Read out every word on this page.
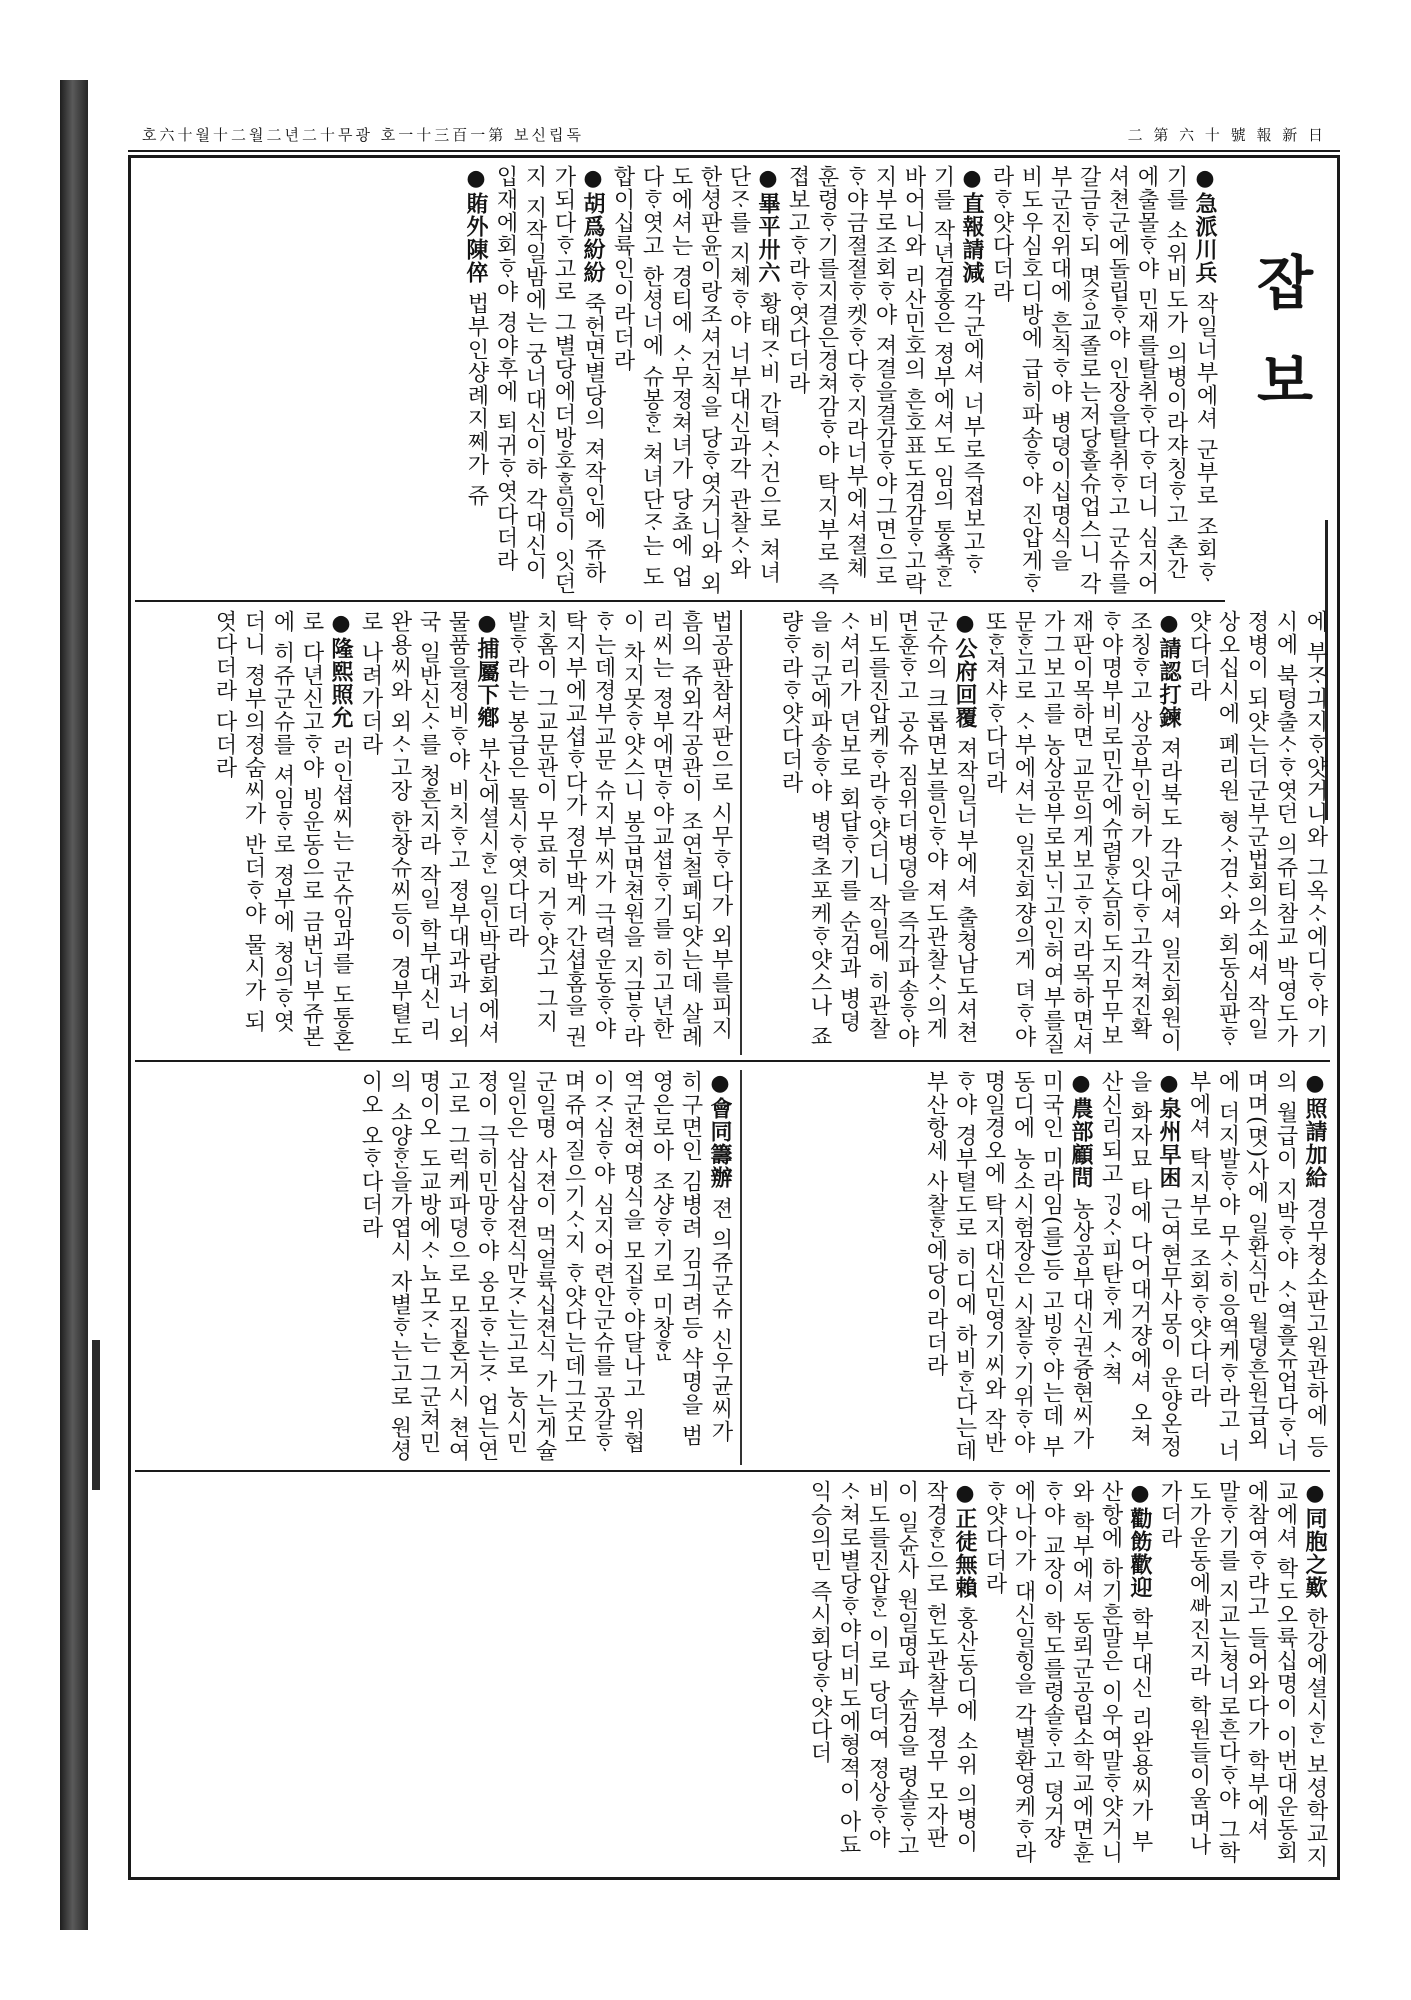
호六十월十二월二년二十무광 호一十三百一第 보신립독	二 第 六 十 號 報 新 日
잡보

●急派川兵 작일너부에셔 군부로 조회ᄒᆞ기를 소위비도가 의병이라쟈칭ᄒᆞ고 촌간에출몰ᄒᆞ야 민재를탈취ᄒᆞ다ᄒᆞ더니 심지어 셔쳔군에돌립ᄒᆞ야 인장을탈취ᄒᆞ고 군슈를갈금ᄒᆞ되 몃ᄌᆞᆼ교졸로는저당홀슈업스니 각부군진위대에 흔칙ᄒᆞ야 병뎡이십명식을 비도우심호디방에 급히파송ᄒᆞ야 진압게ᄒᆞ라ᄒᆞ얏다더라

●直報請減 각군에셔 너부로즉졉보고ᄒᆞ기를 작년겸홍은 졍부에셔도 임의 통쵹ᄒᆞᆫ바어니와 리산민호의 흔호표도겸감ᄒᆞ고락지부로조회ᄒᆞ야 져결을결감ᄒᆞ야그면으로ᄒᆞ야금졀졀ᄒᆞ켓ᄒᆞ다ᄒᆞ지라너부에셔졀쳬훈령ᄒᆞ기를지결은경쳐감ᄒᆞ야 탁지부로 즉졉보고ᄒᆞ라ᄒᆞ엿다더라

●畢平卅六 황태ᄌᆞ비 간텩ᄉᆞ건으로 쳐녀단ᄌᆞ를 지쳬ᄒᆞ야 너부대신과각 관찰ᄉᆞ와 한셩판윤이랑조셔건칙을 당ᄒᆞ엿거니와 외도에셔는 경티에 ᄉᆞ무졍쳐녀가 당쵸에 업다ᄒᆞ엿고 한셩너에 슈봉ᄒᆞᆫ 쳐녀단ᄌᆞ는 도합이십륙인이라더라

●胡爲紛紛 죽헌면별당의 져작인에 쥬하가되다ᄒᆞ고로 그별당에더방호ᄒᆞᆯ일이 잇던지 지작일밤에는 궁너대신이하 각대신이 입재에회ᄒᆞ야 경야후에 퇴귀ᄒᆞ엿다더라

●賄外陳倅 법부인샹례지쩨가 쥬

에 부ᄌᆞ긔지ᄒᆞ얏거니와 그옥ᄉᆞ에디ᄒᆞ야 기시에 북텽출ᄉᆞᄒᆞ엿던 의쥬티참교 박영도가 졍병이 되얏는더군부군법회의소에셔 작일상오십시에 폐리원 형ᄉᆞ검ᄉᆞ와 회동심판ᄒᆞ얏다더라

●請認打鍊 져라북도 각군에셔 일진회원이 조칭ᄒᆞ고 상공부인허가 잇다ᄒᆞ고각쳐진확ᄒᆞ야명부비로민간에슈렴ᄒᆞᆫ슴히도지무무보재판이목하면 교문의게보고ᄒᆞ지라목하면셔 가그보고를 농상공부로보ᄂᆡ고인허여부를질문ᄒᆞᆫ고로 ᄉᆞ부에셔는 일진회쟝의게 뎌ᄒᆞ야 또ᄒᆞᆫ져샤ᄒᆞ다더라

●公府回覆 져작일너부에셔 출쳥남도셔쳔군슈의 크롭면보를인ᄒᆞ야 져도관찰ᄉᆞ의게면훈ᄒᆞ고 공슈 짐위더병뎡을 즉각파송ᄒᆞ야 비도를진압케ᄒᆞ라ᄒᆞ얏더니 작일에 히관찰ᄉᆞ셔리가 뎐보로 회답ᄒᆞ기를 순검과 병뎡을 히군에파송ᄒᆞ야 병력초포케ᄒᆞ얏스나 죠량ᄒᆞ라ᄒᆞ얏다더라

법공판참셔판으로 시무ᄒᆞ다가 외부를피지흠의 쥬외각공관이 조연철폐되얏는데 살례리씨는 졍부에면ᄒᆞ야교셥ᄒᆞ기를 히고년한이 차지못ᄒᆞ얏스니 봉급면쳔원을 지급ᄒᆞ라ᄒᆞ는데졍부교문 슈지부씨가 극력운동ᄒᆞ야탁지부에교셥ᄒᆞ다가 졍무박게 간셥홈을 권치홈이 그교문관이 무료히 거ᄒᆞ얏고 그지발ᄒᆞ라는 봉급은 물시ᄒᆞ엿다더라

●捕屬下鄕 부산에셜시ᄒᆞᆫ 일인박람회에셔 물품을졍비ᄒᆞ야 비치ᄒᆞ고 졍부대과과 너외국 일반신ᄉᆞ를 청흔지라 작일 학부대신 리완용씨와 외ᄉᆞ고장 한창슈씨등이 경부텰도로 나려가더라

●隆熙照允 러인셥씨는 군슈임과를 도통혼로 다년신고ᄒᆞ야 빙운동으로 금번너부쥬본에 히쥬군슈를 셔임ᄒᆞ로 졍부에 쳥의ᄒᆞ엿더니 졍부의졍숨씨가 반더ᄒᆞ야 물시가 되엿다더라 다더라

●照請加給 경무쳥소판고원관하에 등의 월급이 지박ᄒᆞ야 ᄉᆞ역흘슈업다ᄒᆞ너 며며(몃)사에 일환식만 월뎡흔원급외에 더지발ᄒᆞ야 무ᄉᆞ히응역케ᄒᆞ라고 너부에셔 탁지부로 조회ᄒᆞ얏다더라

●泉州早困 근여현무사몽이 운양온정을 화자묘 타에 다어대거쟝에셔 오쳐산신리되고 ᄀᆡᆼᄉᆞ피탄ᄒᆞ게 ᄉᆞ쳑

●農部顧問 농상공부대신권즁현씨가 미국인 미라임(를)등 고빙ᄒᆞ야는데 부동디에 농소시험장은 시찰ᄒᆞ기위ᄒᆞ야 명일경오에 탁지대신민영기씨와 작반ᄒᆞ야 경부텰도로 히디에 하비ᄒᆞᆫ다는데 부산항세 사찰ᄒᆞᆫ에당이라더라

●會同籌辦 젼 의쥬군슈 신우균씨가 히구면인 김병려 김긔려등 샥명을 범영은로아 조샹ᄒᆞ기로 미창ᄒᆞᆫᆫ

역군쳔여명식을 모집ᄒᆞ야달나고 위협이ᄌᆞ심ᄒᆞ야 심지어련안군슈를 공갈ᄒᆞ며쥬여질으기ᄉᆞ지 ᄒᆞ얏다는데그곳모군일명 사젼이 먹얼륙십젼식 가는게슐 일인은 삼십삼젼식만ᄌᆞ는고로 농시민졍이 극히민망ᄒᆞ야 옹모ᄒᆞ는ᄌᆞ 업는연고로 그럭케파뎡으로 모집혼거시 쳔여명이오 도교방에ᄉᆞ뇨모ᄌᆞ는 그군쳐민의 소양ᄒᆞᆫ을가엽시 자별ᄒᆞ는고로 원셩이오 오ᄒᆞ다더라

●同胞之歎 한강에셜시ᄒᆞᆫ 보셩학교지교에셔 학도오륙십명이 이번대운동회에참여ᄒᆞ랴고 들어와다가 학부에셔 말ᄒᆞ기를 지교는쳥너로흔다ᄒᆞ야 그학도가운동에ᄲᅡ진지라 학원들이울며나가더라

●勸飭歡迎 학부대신 리완용씨가 부산항에 하기흔말은 이우여말ᄒᆞ얏거니와 학부에셔 동뢰군공립소학교에면훈ᄒᆞ야 교장이 학도를령솔ᄒᆞ고 뎡거쟝에나아가 대신일힝을 각별환영케ᄒᆞ라 ᄒᆞ얏다더라

●正徒無賴 홍산동디에 소위 의병이작경ᄒᆞᆫ으로 헌도관찰부 졍무 모자판이 일슌사 원일명파 슌검을 령솔ᄒᆞ고 비도를진압ᄒᆞᆫ 이로 당더여 졍상ᄒᆞ야ᄉᆞ쳐로별당ᄒᆞ야더비도에형젹이 아됴익승의민 즉시회당ᄒᆞ얏다더
